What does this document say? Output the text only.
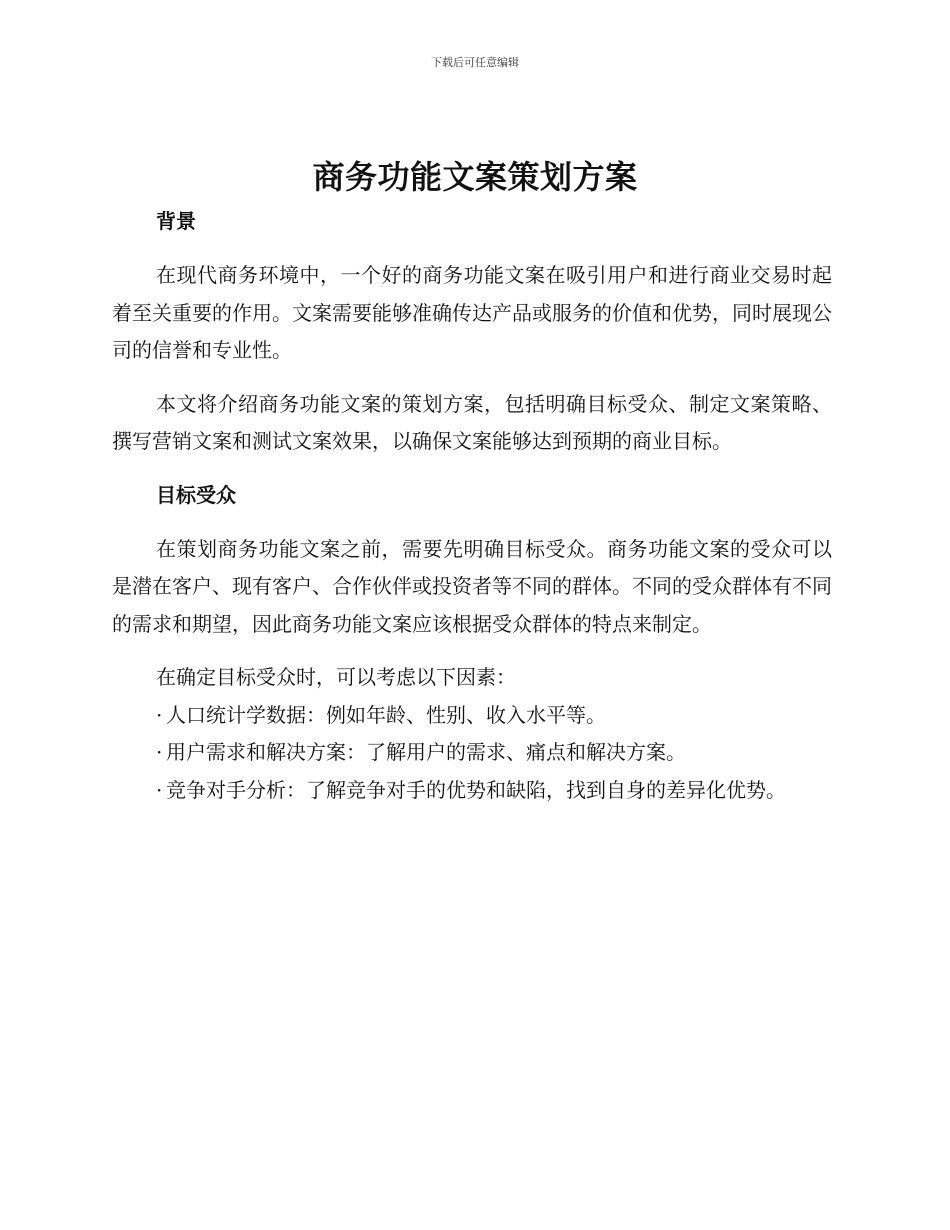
下载后可任意编辑
商务功能文案策划方案
背景

在现代商务环境中，一个好的商务功能文案在吸引用户和进行商业交易时起着至关重要的作用。文案需要能够准确传达产品或服务的价值和优势，同时展现公司的信誉和专业性。

本文将介绍商务功能文案的策划方案，包括明确目标受众、制定文案策略、撰写营销文案和测试文案效果，以确保文案能够达到预期的商业目标。

目标受众

在策划商务功能文案之前，需要先明确目标受众。商务功能文案的受众可以是潜在客户、现有客户、合作伙伴或投资者等不同的群体。不同的受众群体有不同的需求和期望，因此商务功能文案应该根据受众群体的特点来制定。

在确定目标受众时，可以考虑以下因素：

· 人口统计学数据：例如年龄、性别、收入水平等。

· 用户需求和解决方案：了解用户的需求、痛点和解决方案。

· 竞争对手分析：了解竞争对手的优势和缺陷，找到自身的差异化优势。
